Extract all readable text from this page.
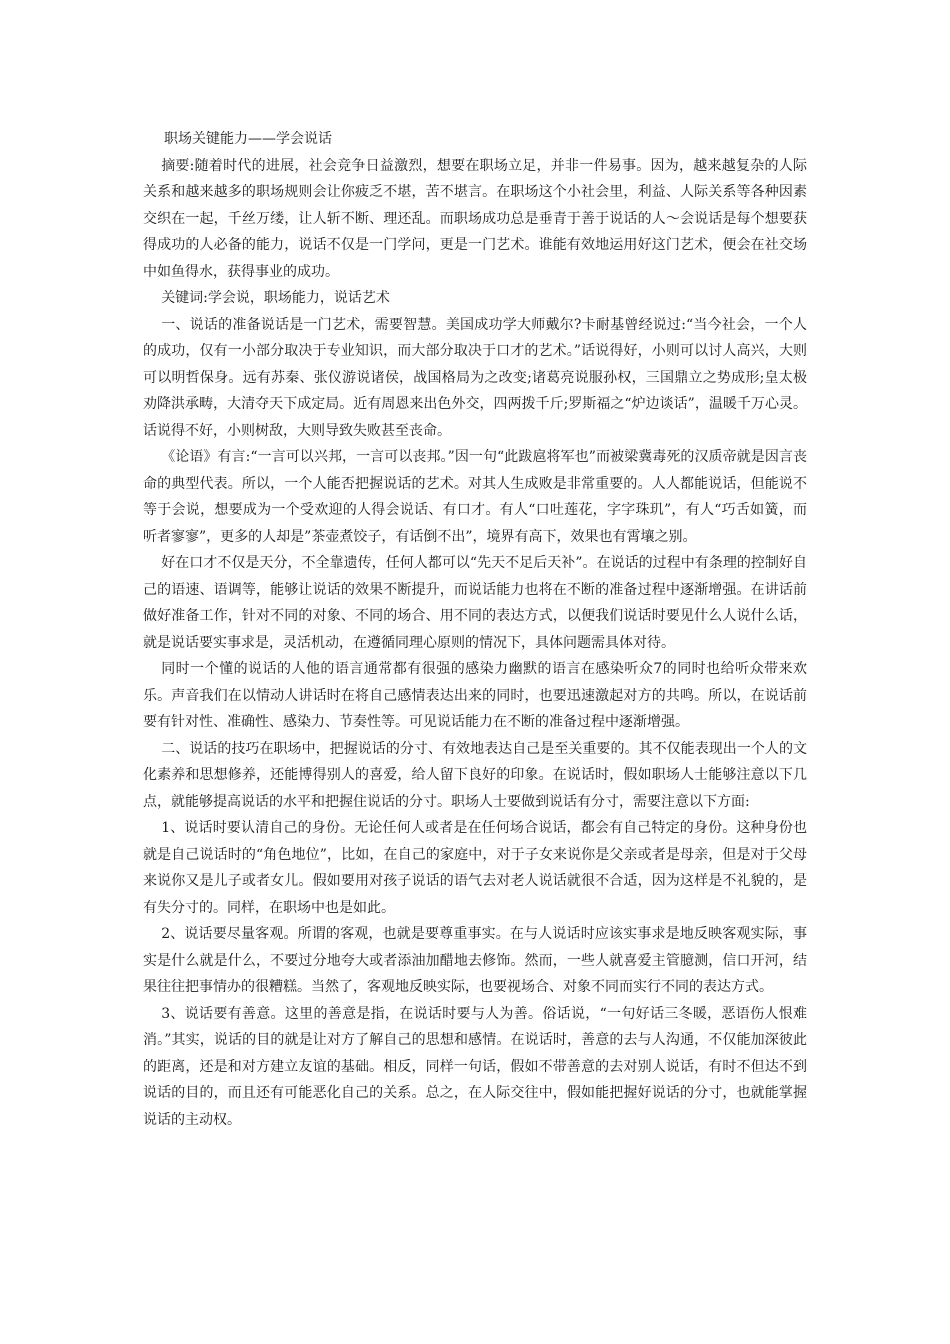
职场关键能力——学会说话

摘要:随着时代的进展，社会竞争日益激烈，想要在职场立足，并非一件易事。因为，越来越复杂的人际关系和越来越多的职场规则会让你疲乏不堪，苦不堪言。在职场这个小社会里，利益、人际关系等各种因素交织在一起，千丝万缕，让人斩不断、理还乱。而职场成功总是垂青于善于说话的人～会说话是每个想要获得成功的人必备的能力，说话不仅是一门学问，更是一门艺术。谁能有效地运用好这门艺术，便会在社交场中如鱼得水，获得事业的成功。

关键词:学会说，职场能力，说话艺术

一、说话的准备说话是一门艺术，需要智慧。美国成功学大师戴尔?卡耐基曾经说过:“当今社会，一个人的成功，仅有一小部分取决于专业知识，而大部分取决于口才的艺术。”话说得好，小则可以讨人高兴，大则可以明哲保身。远有苏秦、张仪游说诸侯，战国格局为之改变;诸葛亮说服孙权，三国鼎立之势成形;皇太极劝降洪承畴，大清夺天下成定局。近有周恩来出色外交，四两拨千斤;罗斯福之“炉边谈话”，温暖千万心灵。话说得不好，小则树敌，大则导致失败甚至丧命。

《论语》有言:“一言可以兴邦，一言可以丧邦。”因一句“此跋扈将军也”而被梁冀毒死的汉质帝就是因言丧命的典型代表。所以，一个人能否把握说话的艺术。对其人生成败是非常重要的。人人都能说话，但能说不等于会说，想要成为一个受欢迎的人得会说话、有口才。有人“口吐莲花，字字珠玑”，有人“巧舌如簧，而听者寥寥”，更多的人却是”茶壶煮饺子，有话倒不出”，境界有高下，效果也有霄壤之别。

好在口才不仅是天分，不全靠遗传，任何人都可以“先天不足后天补”。在说话的过程中有条理的控制好自己的语速、语调等，能够让说话的效果不断提升，而说话能力也将在不断的准备过程中逐渐增强。在讲话前做好准备工作，针对不同的对象、不同的场合、用不同的表达方式，以便我们说话时要见什么人说什么话，就是说话要实事求是，灵活机动，在遵循同理心原则的情况下，具体问题需具体对待。

同时一个懂的说话的人他的语言通常都有很强的感染力幽默的语言在感染听众7的同时也给听众带来欢乐。声音我们在以情动人讲话时在将自己感情表达出来的同时，也要迅速激起对方的共鸣。所以，在说话前要有针对性、准确性、感染力、节奏性等。可见说话能力在不断的准备过程中逐渐增强。

二、说话的技巧在职场中，把握说话的分寸、有效地表达自己是至关重要的。其不仅能表现出一个人的文化素养和思想修养，还能博得别人的喜爱，给人留下良好的印象。在说话时，假如职场人士能够注意以下几点，就能够提高说话的水平和把握住说话的分寸。职场人士要做到说话有分寸，需要注意以下方面:

1、说话时要认清自己的身份。无论任何人或者是在任何场合说话，都会有自己特定的身份。这种身份也就是自己说话时的“角色地位”，比如，在自己的家庭中，对于子女来说你是父亲或者是母亲，但是对于父母来说你又是儿子或者女儿。假如要用对孩子说话的语气去对老人说话就很不合适，因为这样是不礼貌的，是有失分寸的。同样，在职场中也是如此。

2、说话要尽量客观。所谓的客观，也就是要尊重事实。在与人说话时应该实事求是地反映客观实际，事实是什么就是什么，不要过分地夸大或者添油加醋地去修饰。然而，一些人就喜爱主管臆测，信口开河，结果往往把事情办的很糟糕。当然了，客观地反映实际，也要视场合、对象不同而实行不同的表达方式。

3、说话要有善意。这里的善意是指，在说话时要与人为善。俗话说，“一句好话三冬暖，恶语伤人恨难消。”其实，说话的目的就是让对方了解自己的思想和感情。在说话时，善意的去与人沟通，不仅能加深彼此的距离，还是和对方建立友谊的基础。相反，同样一句话，假如不带善意的去对别人说话，有时不但达不到说话的目的，而且还有可能恶化自己的关系。总之，在人际交往中，假如能把握好说话的分寸，也就能掌握说话的主动权。
